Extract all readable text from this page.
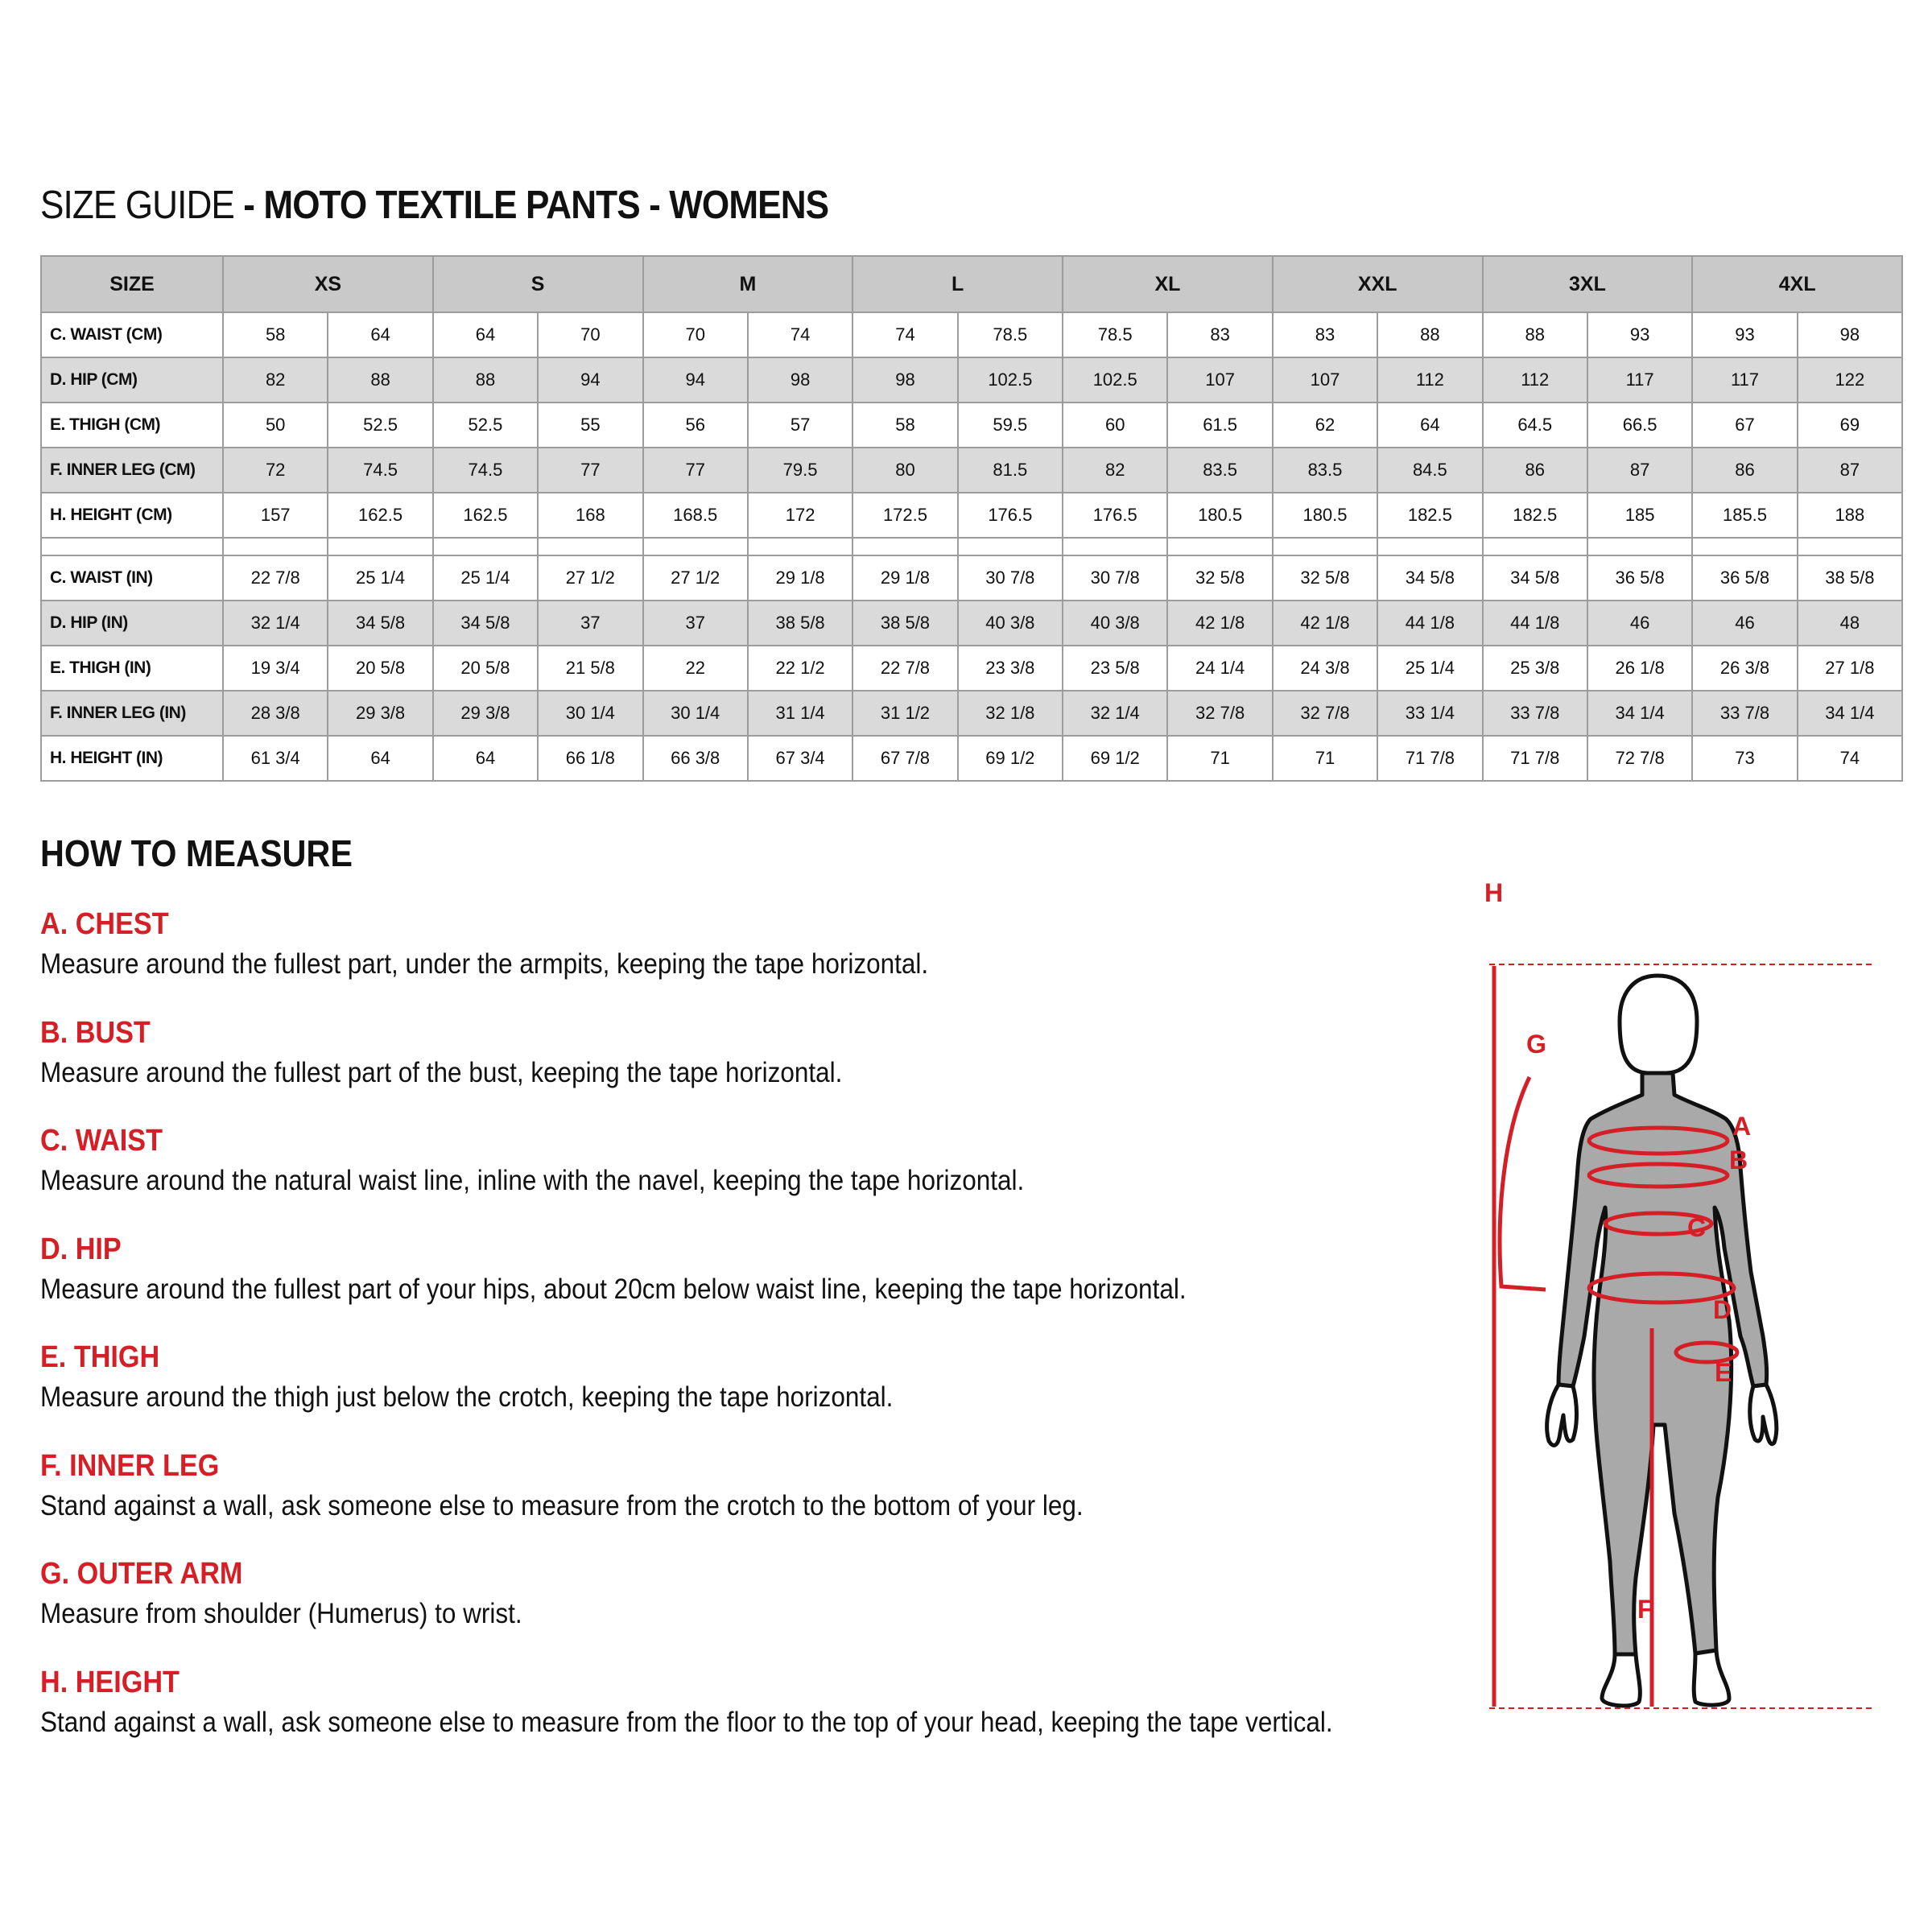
SIZE GUIDE - MOTO TEXTILE PANTS - WOMENS
SIZE	XS		S		M		L		XL		XXL		3XL		4XL	
C. WAIST (CM)	58	64	64	70	70	74	74	78.5	78.5	83	83	88	88	93	93	98
D. HIP (CM)	82	88	88	94	94	98	98	102.5	102.5	107	107	112	112	117	117	122
E. THIGH (CM)	50	52.5	52.5	55	56	57	58	59.5	60	61.5	62	64	64.5	66.5	67	69
F. INNER LEG (CM)	72	74.5	74.5	77	77	79.5	80	81.5	82	83.5	83.5	84.5	86	87	86	87
H. HEIGHT (CM)	157	162.5	162.5	168	168.5	172	172.5	176.5	176.5	180.5	180.5	182.5	182.5	185	185.5	188

C. WAIST (IN)	22 7/8	25 1/4	25 1/4	27 1/2	27 1/2	29 1/8	29 1/8	30 7/8	30 7/8	32 5/8	32 5/8	34 5/8	34 5/8	36 5/8	36 5/8	38 5/8
D. HIP (IN)	32 1/4	34 5/8	34 5/8	37	37	38 5/8	38 5/8	40 3/8	40 3/8	42 1/8	42 1/8	44 1/8	44 1/8	46	46	48
E. THIGH (IN)	19 3/4	20 5/8	20 5/8	21 5/8	22	22 1/2	22 7/8	23 3/8	23 5/8	24 1/4	24 3/8	25 1/4	25 3/8	26 1/8	26 3/8	27 1/8
F. INNER LEG (IN)	28 3/8	29 3/8	29 3/8	30 1/4	30 1/4	31 1/4	31 1/2	32 1/8	32 1/4	32 7/8	32 7/8	33 1/4	33 7/8	34 1/4	33 7/8	34 1/4
H. HEIGHT (IN)	61 3/4	64	64	66 1/8	66 3/8	67 3/4	67 7/8	69 1/2	69 1/2	71	71	71 7/8	71 7/8	72 7/8	73	74
HOW TO MEASURE
A. CHEST
Measure around the fullest part, under the armpits, keeping the tape horizontal.
B. BUST
Measure around the fullest part of the bust, keeping the tape horizontal.
C. WAIST
Measure around the natural waist line, inline with the navel, keeping the tape horizontal.
D. HIP
Measure around the fullest part of your hips, about 20cm below waist line, keeping the tape horizontal.
E. THIGH
Measure around the thigh just below the crotch, keeping the tape horizontal.
F. INNER LEG
Stand against a wall, ask someone else to measure from the crotch to the bottom of your leg.
G. OUTER ARM
Measure from shoulder (Humerus) to wrist.
H. HEIGHT
Stand against a wall, ask someone else to measure from the floor to the top of your head, keeping the tape vertical.
H
G
A
B
C
D
E
F
